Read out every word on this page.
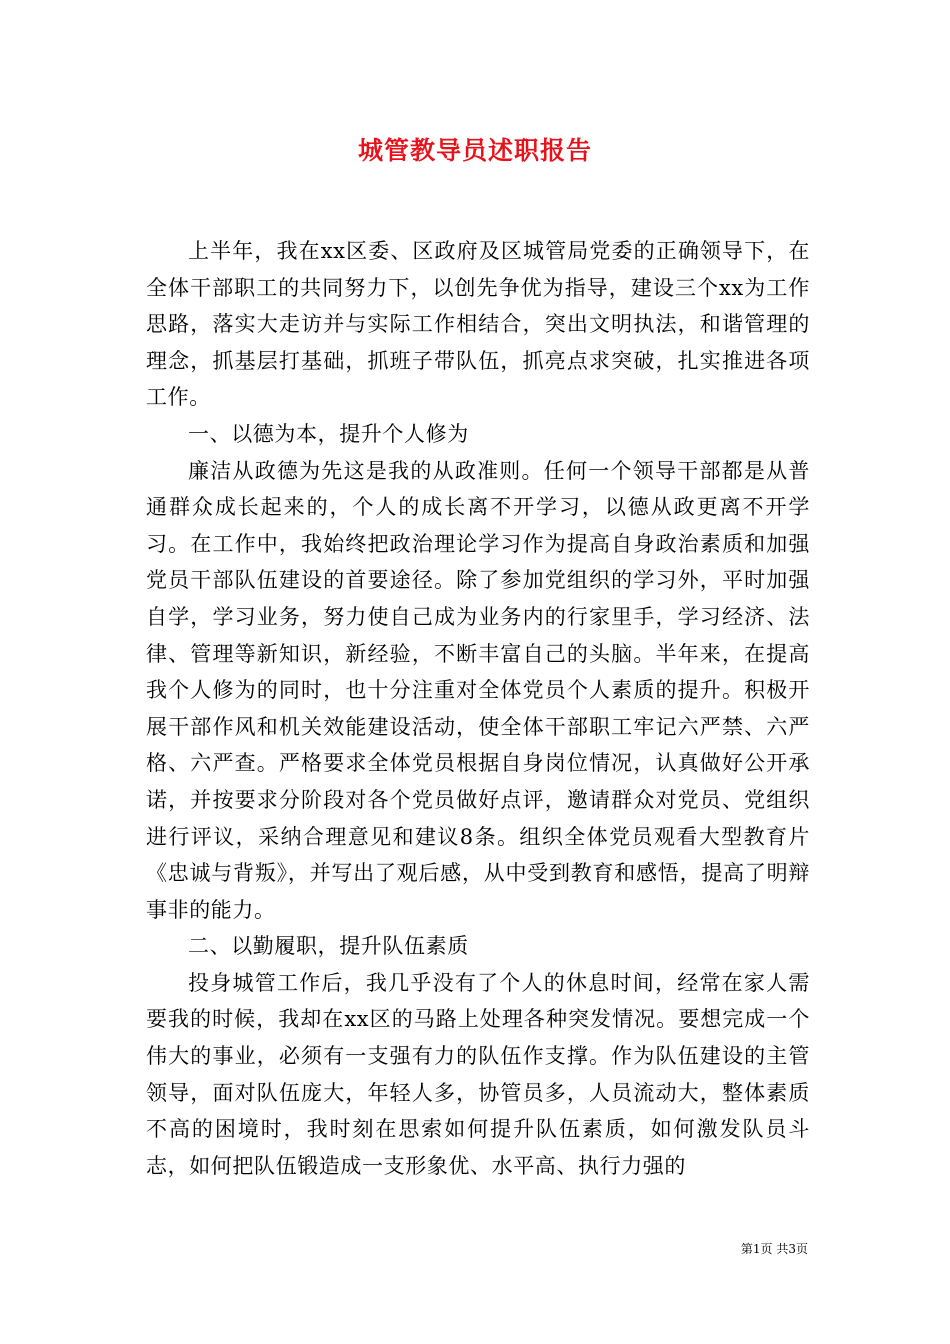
城管教导员述职报告

上半年，我在xx区委、区政府及区城管局党委的正确领导下，在全体干部职工的共同努力下，以创先争优为指导，建设三个xx为工作思路，落实大走访并与实际工作相结合，突出文明执法，和谐管理的理念，抓基层打基础，抓班子带队伍，抓亮点求突破，扎实推进各项工作。

一、以德为本，提升个人修为

廉洁从政德为先这是我的从政准则。任何一个领导干部都是从普通群众成长起来的，个人的成长离不开学习，以德从政更离不开学习。在工作中，我始终把政治理论学习作为提高自身政治素质和加强党员干部队伍建设的首要途径。除了参加党组织的学习外，平时加强自学，学习业务，努力使自己成为业务内的行家里手，学习经济、法律、管理等新知识，新经验，不断丰富自己的头脑。半年来，在提高我个人修为的同时，也十分注重对全体党员个人素质的提升。积极开展干部作风和机关效能建设活动，使全体干部职工牢记六严禁、六严格、六严查。严格要求全体党员根据自身岗位情况，认真做好公开承诺，并按要求分阶段对各个党员做好点评，邀请群众对党员、党组织进行评议，采纳合理意见和建议8条。组织全体党员观看大型教育片《忠诚与背叛》，并写出了观后感，从中受到教育和感悟，提高了明辩事非的能力。

二、以勤履职，提升队伍素质

投身城管工作后，我几乎没有了个人的休息时间，经常在家人需要我的时候，我却在xx区的马路上处理各种突发情况。要想完成一个伟大的事业，必须有一支强有力的队伍作支撑。作为队伍建设的主管领导，面对队伍庞大，年轻人多，协管员多，人员流动大，整体素质不高的困境时，我时刻在思索如何提升队伍素质，如何激发队员斗志，如何把队伍锻造成一支形象优、水平高、执行力强的

第1页 共3页
